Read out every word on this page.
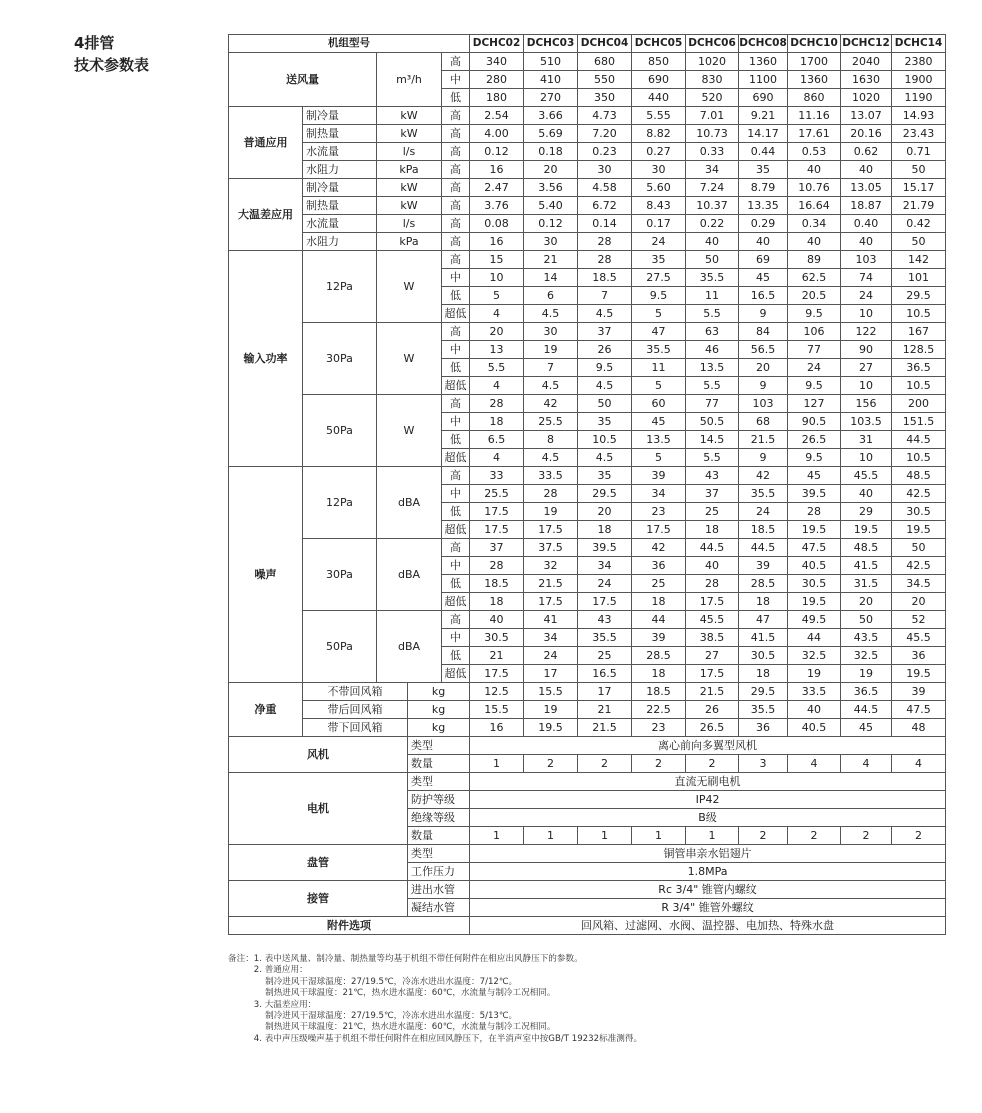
4排管
技术参数表
机组型号					DCHC02	DCHC03	DCHC04	DCHC05	DCHC06	DCHC08	DCHC10	DCHC12	DCHC14
送风量		m³/h		高	340	510	680	850	1020	1360	1700	2040	2380
				中	280	410	550	690	830	1100	1360	1630	1900
				低	180	270	350	440	520	690	860	1020	1190
普通应用	制冷量	kW		高	2.54	3.66	4.73	5.55	7.01	9.21	11.16	13.07	14.93
	制热量	kW		高	4.00	5.69	7.20	8.82	10.73	14.17	17.61	20.16	23.43
	水流量	l/s		高	0.12	0.18	0.23	0.27	0.33	0.44	0.53	0.62	0.71
	水阻力	kPa		高	16	20	30	30	34	35	40	40	50
大温差应用	制冷量	kW		高	2.47	3.56	4.58	5.60	7.24	8.79	10.76	13.05	15.17
	制热量	kW		高	3.76	5.40	6.72	8.43	10.37	13.35	16.64	18.87	21.79
	水流量	l/s		高	0.08	0.12	0.14	0.17	0.22	0.29	0.34	0.40	0.42
	水阻力	kPa		高	16	30	28	24	40	40	40	40	50
输入功率	12Pa	W		高	15	21	28	35	50	69	89	103	142
				中	10	14	18.5	27.5	35.5	45	62.5	74	101
				低	5	6	7	9.5	11	16.5	20.5	24	29.5
				超低	4	4.5	4.5	5	5.5	9	9.5	10	10.5
	30Pa	W		高	20	30	37	47	63	84	106	122	167
				中	13	19	26	35.5	46	56.5	77	90	128.5
				低	5.5	7	9.5	11	13.5	20	24	27	36.5
				超低	4	4.5	4.5	5	5.5	9	9.5	10	10.5
	50Pa	W		高	28	42	50	60	77	103	127	156	200
				中	18	25.5	35	45	50.5	68	90.5	103.5	151.5
				低	6.5	8	10.5	13.5	14.5	21.5	26.5	31	44.5
				超低	4	4.5	4.5	5	5.5	9	9.5	10	10.5
噪声	12Pa	dBA		高	33	33.5	35	39	43	42	45	45.5	48.5
				中	25.5	28	29.5	34	37	35.5	39.5	40	42.5
				低	17.5	19	20	23	25	24	28	29	30.5
				超低	17.5	17.5	18	17.5	18	18.5	19.5	19.5	19.5
	30Pa	dBA		高	37	37.5	39.5	42	44.5	44.5	47.5	48.5	50
				中	28	32	34	36	40	39	40.5	41.5	42.5
				低	18.5	21.5	24	25	28	28.5	30.5	31.5	34.5
				超低	18	17.5	17.5	18	17.5	18	19.5	20	20
	50Pa	dBA		高	40	41	43	44	45.5	47	49.5	50	52
				中	30.5	34	35.5	39	38.5	41.5	44	43.5	45.5
				低	21	24	25	28.5	27	30.5	32.5	32.5	36
				超低	17.5	17	16.5	18	17.5	18	19	19	19.5
净重	不带回风箱		kg		12.5	15.5	17	18.5	21.5	29.5	33.5	36.5	39
	带后回风箱		kg		15.5	19	21	22.5	26	35.5	40	44.5	47.5
	带下回风箱		kg		16	19.5	21.5	23	26.5	36	40.5	45	48
风机			类型		离心前向多翼型风机								
			数量		1	2	2	2	2	3	4	4	4
电机			类型		直流无刷电机								
			防护等级		IP42								
			绝缘等级		B级								
			数量		1	1	1	1	1	2	2	2	2
盘管			类型		铜管串亲水铝翅片								
			工作压力		1.8MPa								
接管			进出水管		Rc 3/4" 锥管内螺纹								
			凝结水管		R 3/4" 锥管外螺纹								
附件选项					回风箱、过滤网、水阀、温控器、电加热、特殊水盘								
备注：1. 表中送风量、制冷量、制热量等均基于机组不带任何附件在相应出风静压下的参数。
　　　2. 普通应用：
　　　　 制冷进风干湿球温度：27/19.5℃，冷冻水进出水温度：7/12℃。
　　　　 制热进风干球温度：21℃，热水进水温度：60℃，水流量与制冷工况相同。
　　　3. 大温差应用：
　　　　 制冷进风干湿球温度：27/19.5℃，冷冻水进出水温度：5/13℃。
　　　　 制热进风干球温度：21℃，热水进水温度：60℃，水流量与制冷工况相同。
　　　4. 表中声压级噪声基于机组不带任何附件在相应回风静压下，在半消声室中按GB/T 19232标准测得。
